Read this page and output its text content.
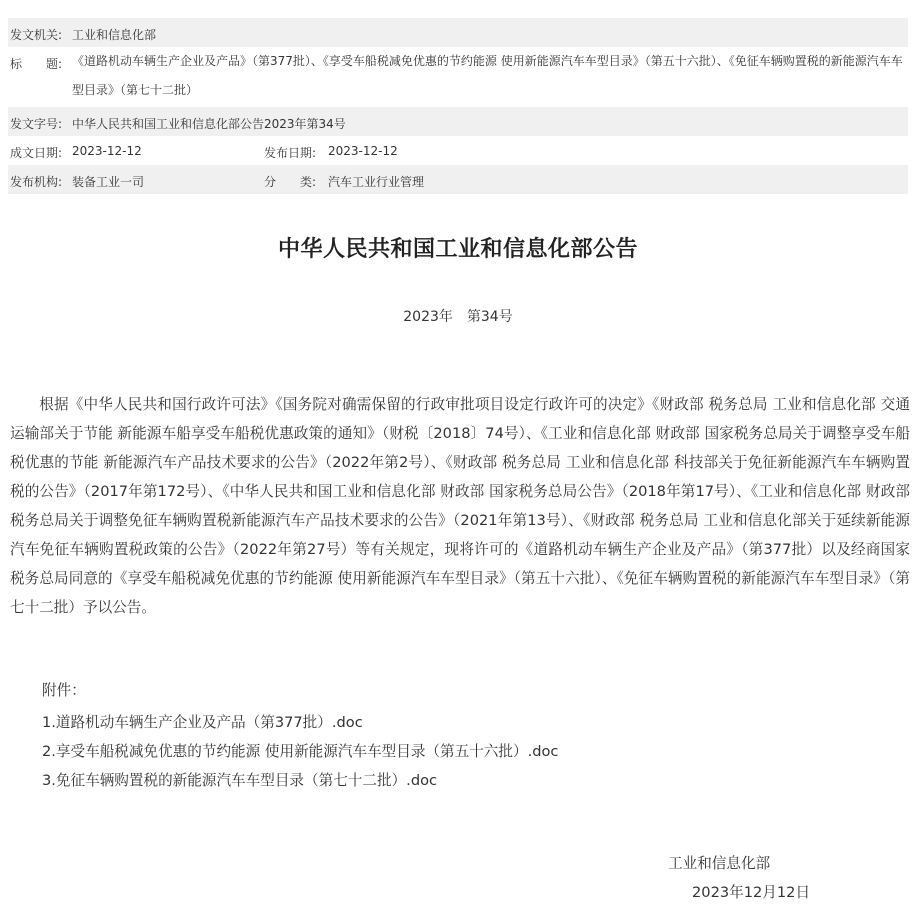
发文机关: 工业和信息化部
标　　题: 《道路机动车辆生产企业及产品》（第377批）、《享受车船税减免优惠的节约能源 使用新能源汽车车型目录》（第五十六批）、《免征车辆购置税的新能源汽车车型目录》（第七十二批）
发文字号: 中华人民共和国工业和信息化部公告2023年第34号
成文日期: 2023-12-12	发布日期: 2023-12-12
发布机构: 装备工业一司	分　　类: 汽车工业行业管理
中华人民共和国工业和信息化部公告
2023年　第34号
根据《中华人民共和国行政许可法》《国务院对确需保留的行政审批项目设定行政许可的决定》《财政部 税务总局 工业和信息化部 交通运输部关于节能 新能源车船享受车船税优惠政策的通知》（财税〔2018〕74号）、《工业和信息化部 财政部 国家税务总局关于调整享受车船税优惠的节能 新能源汽车产品技术要求的公告》（2022年第2号）、《财政部 税务总局 工业和信息化部 科技部关于免征新能源汽车车辆购置税的公告》（2017年第172号）、《中华人民共和国工业和信息化部 财政部 国家税务总局公告》（2018年第17号）、《工业和信息化部 财政部 税务总局关于调整免征车辆购置税新能源汽车产品技术要求的公告》（2021年第13号）、《财政部 税务总局 工业和信息化部关于延续新能源汽车免征车辆购置税政策的公告》（2022年第27号）等有关规定，现将许可的《道路机动车辆生产企业及产品》（第377批）以及经商国家税务总局同意的《享受车船税减免优惠的节约能源 使用新能源汽车车型目录》（第五十六批）、《免征车辆购置税的新能源汽车车型目录》（第七十二批）予以公告。
附件：
1.道路机动车辆生产企业及产品（第377批）.doc
2.享受车船税减免优惠的节约能源 使用新能源汽车车型目录（第五十六批）.doc
3.免征车辆购置税的新能源汽车车型目录（第七十二批）.doc
工业和信息化部
2023年12月12日
